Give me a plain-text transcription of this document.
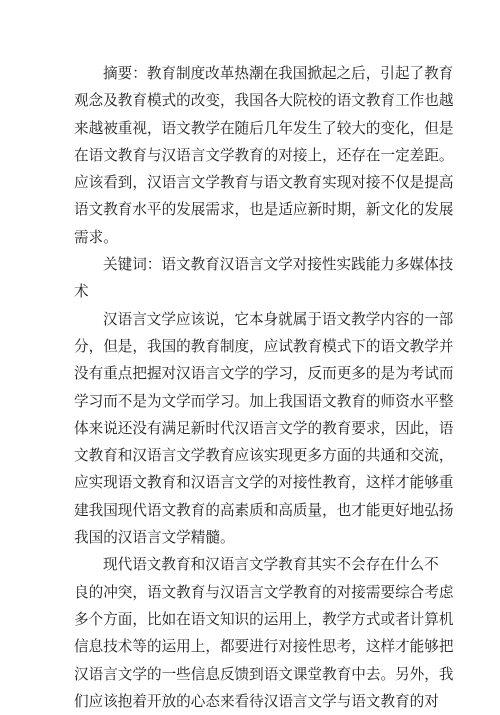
摘要：教育制度改革热潮在我国掀起之后，引起了教育
观念及教育模式的改变，我国各大院校的语文教育工作也越
来越被重视，语文教学在随后几年发生了较大的变化，但是
在语文教育与汉语言文学教育的对接上，还存在一定差距。
应该看到，汉语言文学教育与语文教育实现对接不仅是提高
语文教育水平的发展需求，也是适应新时期，新文化的发展
需求。
关键词：语文教育汉语言文学对接性实践能力多媒体技
术
汉语言文学应该说，它本身就属于语文教学内容的一部
分，但是，我国的教育制度，应试教育模式下的语文教学并
没有重点把握对汉语言文学的学习，反而更多的是为考试而
学习而不是为文学而学习。加上我国语文教育的师资水平整
体来说还没有满足新时代汉语言文学的教育要求，因此，语
文教育和汉语言文学教育应该实现更多方面的共通和交流，
应实现语文教育和汉语言文学的对接性教育，这样才能够重
建我国现代语文教育的高素质和高质量，也才能更好地弘扬
我国的汉语言文学精髓。
现代语文教育和汉语言文学教育其实不会存在什么不
良的冲突，语文教育与汉语言文学教育的对接需要综合考虑
多个方面，比如在语文知识的运用上，教学方式或者计算机
信息技术等的运用上，都要进行对接性思考，这样才能够把
汉语言文学的一些信息反馈到语文课堂教育中去。另外，我
们应该抱着开放的心态来看待汉语言文学与语文教育的对
